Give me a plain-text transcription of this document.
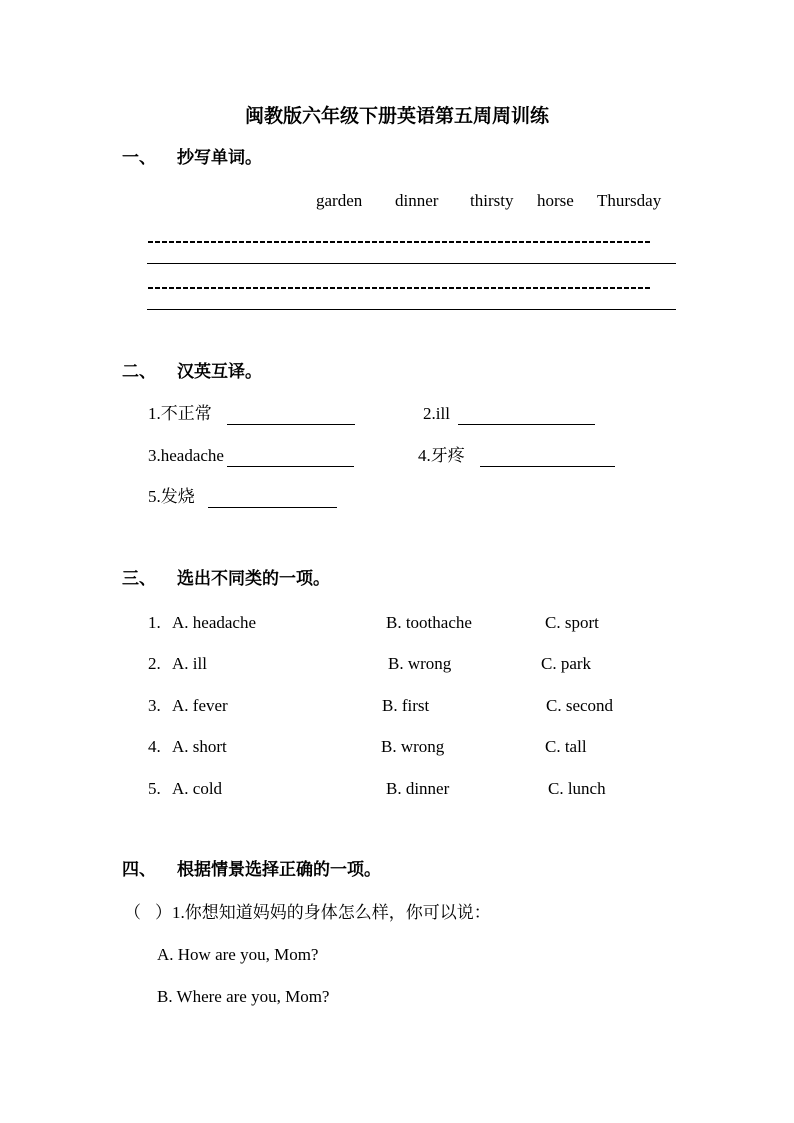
闽教版六年级下册英语第五周周训练
一、 抄写单词。
garden dinner thirsty horse Thursday
二、 汉英互译。
1.不正常	2.ill
3.headache	4.牙疼
5.发烧
三、 选出不同类的一项。
1. A. headache	B. toothache	C. sport
2. A. ill	B. wrong	C. park
3. A. fever	B. first	C. second
4. A. short	B. wrong	C. tall
5. A. cold	B. dinner	C. lunch
四、 根据情景选择正确的一项。
（ ）1.你想知道妈妈的身体怎么样，你可以说：
A. How are you, Mom?
B. Where are you, Mom?
